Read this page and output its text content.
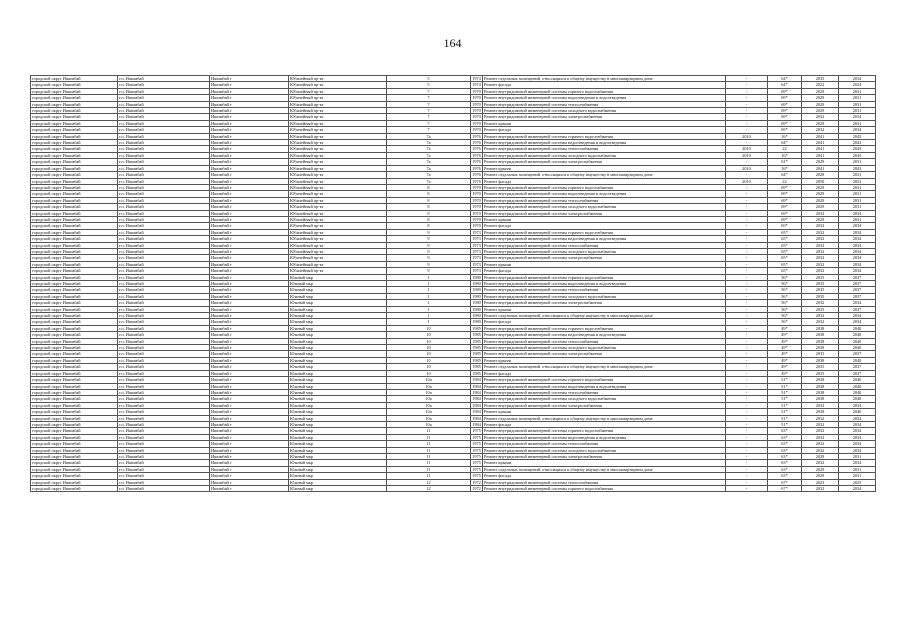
164
городской округ Ишимбай	г.п. Ишимбай	Ишимбай г	Юбилейный пр-кт	5	1974	Ремонт отдельных помещений, относящихся к общему имуществу в многоквартирном доме	-	64*	2035	2034
городской округ Ишимбай	г.п. Ишимбай	Ишимбай г	Юбилейный пр-кт	5	1974	Ремонт фасада	-	64*	2022	2024
городской округ Ишимбай	г.п. Ишимбай	Ишимбай г	Юбилейный пр-кт	7	1970	Ремонт внутридомовой инженерной системы горячего водоснабжения	-	69*	2029	2031
городской округ Ишимбай	г.п. Ишимбай	Ишимбай г	Юбилейный пр-кт	7	1970	Ремонт внутридомовой инженерной системы водоотведения и водоотведения	-	69*	2029	2031
городской округ Ишимбай	г.п. Ишимбай	Ишимбай г	Юбилейный пр-кт	7	1970	Ремонт внутридомовой инженерной системы теплоснабжения	-	69*	2029	2031
городской округ Ишимбай	г.п. Ишимбай	Ишимбай г	Юбилейный пр-кт	7	1970	Ремонт внутридомовой инженерной системы холодного водоснабжения	-	69*	2029	2031
городской округ Ишимбай	г.п. Ишимбай	Ишимбай г	Юбилейный пр-кт	7	1970	Ремонт внутридомовой инженерной системы электроснабжения	-	69*	2032	2034
городской округ Ишимбай	г.п. Ишимбай	Ишимбай г	Юбилейный пр-кт	7	1970	Ремонт крыши	-	69*	2029	2031
городской округ Ишимбай	г.п. Ишимбай	Ишимбай г	Юбилейный пр-кт	7	1970	Ремонт фасада	-	69*	2032	2034
городской округ Ишимбай	г.п. Ишимбай	Ишимбай г	Юбилейный пр-кт	7а	1976	Ремонт внутридомовой инженерной системы горячего водоснабжения	2010	16*	2041	2043
городской округ Ишимбай	г.п. Ишимбай	Ишимбай г	Юбилейный пр-кт	7а	1976	Ремонт внутридомовой инженерной системы водоотведения и водоотведения	-	64*	2041	2043
городской округ Ишимбай	г.п. Ишимбай	Ишимбай г	Юбилейный пр-кт	7а	1976	Ремонт внутридомовой инженерной системы теплоснабжения	2010	22	2041	2043
городской округ Ишимбай	г.п. Ишимбай	Ишимбай г	Юбилейный пр-кт	7а	1976	Ремонт внутридомовой инженерной системы холодного водоснабжения	2010	16*	2041	2043
городской округ Ишимбай	г.п. Ишимбай	Ишимбай г	Юбилейный пр-кт	7а	1976	Ремонт внутридомовой инженерной системы электроснабжения	-	61*	2029	2031
городской округ Ишимбай	г.п. Ишимбай	Ишимбай г	Юбилейный пр-кт	7а	1976	Ремонт крыши	2010	16*	2041	2043
городской округ Ишимбай	г.п. Ишимбай	Ишимбай г	Юбилейный пр-кт	7а	1976	Ремонт отдельных помещений, относящихся к общему имуществу в многоквартирном доме	-	64*	2028	2031
городской округ Ишимбай	г.п. Ишимбай	Ишимбай г	Юбилейный пр-кт	7а	1976	Ремонт фасада	2010	22	2050	2052
городской округ Ишимбай	г.п. Ишимбай	Ишимбай г	Юбилейный пр-кт	8	1970	Ремонт внутридомовой инженерной системы горячего водоснабжения	-	69*	2029	2031
городской округ Ишимбай	г.п. Ишимбай	Ишимбай г	Юбилейный пр-кт	8	1970	Ремонт внутридомовой инженерной системы водоотведения и водоотведения	-	69*	2029	2031
городской округ Ишимбай	г.п. Ишимбай	Ишимбай г	Юбилейный пр-кт	8	1970	Ремонт внутридомовой инженерной системы теплоснабжения	-	69*	2029	2031
городской округ Ишимбай	г.п. Ишимбай	Ишимбай г	Юбилейный пр-кт	8	1970	Ремонт внутридомовой инженерной системы холодного водоснабжения	-	69*	2029	2031
городской округ Ишимбай	г.п. Ишимбай	Ишимбай г	Юбилейный пр-кт	8	1970	Ремонт внутридомовой инженерной системы электроснабжения	-	69*	2032	2034
городской округ Ишимбай	г.п. Ишимбай	Ишимбай г	Юбилейный пр-кт	8	1970	Ремонт крыши	-	69*	2029	2031
городской округ Ишимбай	г.п. Ишимбай	Ишимбай г	Юбилейный пр-кт	8	1970	Ремонт фасада	-	69*	2032	2034
городской округ Ишимбай	г.п. Ишимбай	Ишимбай г	Юбилейный пр-кт	9	1973	Ремонт внутридомовой инженерной системы горячего водоснабжения	-	65*	2032	2034
городской округ Ишимбай	г.п. Ишимбай	Ишимбай г	Юбилейный пр-кт	9	1973	Ремонт внутридомовой инженерной системы водоотведения и водоотведения	-	65*	2032	2034
городской округ Ишимбай	г.п. Ишимбай	Ишимбай г	Юбилейный пр-кт	9	1973	Ремонт внутридомовой инженерной системы теплоснабжения	-	65*	2032	2034
городской округ Ишимбай	г.п. Ишимбай	Ишимбай г	Юбилейный пр-кт	9	1973	Ремонт внутридомовой инженерной системы холодного водоснабжения	-	65*	2032	2034
городской округ Ишимбай	г.п. Ишимбай	Ишимбай г	Юбилейный пр-кт	9	1973	Ремонт внутридомовой инженерной системы электроснабжения	-	65*	2032	2034
городской округ Ишимбай	г.п. Ишимбай	Ишимбай г	Юбилейный пр-кт	9	1973	Ремонт крыши	-	65*	2032	2034
городской округ Ишимбай	г.п. Ишимбай	Ишимбай г	Юбилейный пр-кт	9	1973	Ремонт фасада	-	65*	2032	2034
городской округ Ишимбай	г.п. Ишимбай	Ишимбай г	Южный мкр	1	1980	Ремонт внутридомовой инженерной системы горячего водоснабжения	-	56*	2035	2037
городской округ Ишимбай	г.п. Ишимбай	Ишимбай г	Южный мкр	1	1980	Ремонт внутридомовой инженерной системы водоотведения и водоотведения	-	56*	2035	2037
городской округ Ишимбай	г.п. Ишимбай	Ишимбай г	Южный мкр	1	1980	Ремонт внутридомовой инженерной системы теплоснабжения	-	56*	2035	2037
городской округ Ишимбай	г.п. Ишимбай	Ишимбай г	Южный мкр	1	1980	Ремонт внутридомовой инженерной системы холодного водоснабжения	-	56*	2035	2037
городской округ Ишимбай	г.п. Ишимбай	Ишимбай г	Южный мкр	1	1980	Ремонт внутридомовой инженерной системы электроснабжения	-	56*	2032	2034
городской округ Ишимбай	г.п. Ишимбай	Ишимбай г	Южный мкр	1	1980	Ремонт крыши	-	56*	2035	2037
городской округ Ишимбай	г.п. Ишимбай	Ишимбай г	Южный мкр	1	1980	Ремонт отдельных помещений, относящихся к общему имуществу в многоквартирном доме	-	56*	2032	2034
городской округ Ишимбай	г.п. Ишимбай	Ишимбай г	Южный мкр	1	1980	Ремонт фасада	-	56*	2032	2034
городской округ Ишимбай	г.п. Ишимбай	Ишимбай г	Южный мкр	10	1985	Ремонт внутридомовой инженерной системы горячего водоснабжения	-	49*	2038	2040
городской округ Ишимбай	г.п. Ишимбай	Ишимбай г	Южный мкр	10	1985	Ремонт внутридомовой инженерной системы водоотведения и водоотведения	-	49*	2038	2040
городской округ Ишимбай	г.п. Ишимбай	Ишимбай г	Южный мкр	10	1985	Ремонт внутридомовой инженерной системы теплоснабжения	-	49*	2038	2040
городской округ Ишимбай	г.п. Ишимбай	Ишимбай г	Южный мкр	10	1985	Ремонт внутридомовой инженерной системы холодного водоснабжения	-	49*	2038	2040
городской округ Ишимбай	г.п. Ишимбай	Ишимбай г	Южный мкр	10	1985	Ремонт внутридомовой инженерной системы электроснабжения	-	49*	2035	2037
городской округ Ишимбай	г.п. Ишимбай	Ишимбай г	Южный мкр	10	1985	Ремонт крыши	-	49*	2038	2040
городской округ Ишимбай	г.п. Ишимбай	Ишимбай г	Южный мкр	10	1985	Ремонт отдельных помещений, относящихся к общему имуществу в многоквартирном доме	-	49*	2035	2037
городской округ Ишимбай	г.п. Ишимбай	Ишимбай г	Южный мкр	10	1985	Ремонт фасада	-	49*	2035	2037
городской округ Ишимбай	г.п. Ишимбай	Ишимбай г	Южный мкр	10а	1984	Ремонт внутридомовой инженерной системы горячего водоснабжения	-	51*	2038	2040
городской округ Ишимбай	г.п. Ишимбай	Ишимбай г	Южный мкр	10а	1984	Ремонт внутридомовой инженерной системы водоотведения и водоотведения	-	51*	2038	2040
городской округ Ишимбай	г.п. Ишимбай	Ишимбай г	Южный мкр	10а	1984	Ремонт внутридомовой инженерной системы теплоснабжения	-	51*	2038	2040
городской округ Ишимбай	г.п. Ишимбай	Ишимбай г	Южный мкр	10а	1984	Ремонт внутридомовой инженерной системы холодного водоснабжения	-	51*	2038	2040
городской округ Ишимбай	г.п. Ишимбай	Ишимбай г	Южный мкр	10а	1984	Ремонт внутридомовой инженерной системы электроснабжения	-	51*	2032	2034
городской округ Ишимбай	г.п. Ишимбай	Ишимбай г	Южный мкр	10а	1984	Ремонт крыши	-	51*	2038	2040
городской округ Ишимбай	г.п. Ишимбай	Ишимбай г	Южный мкр	10а	1984	Ремонт отдельных помещений, относящихся к общему имуществу в многоквартирном доме	-	51*	2032	2034
городской округ Ишимбай	г.п. Ишимбай	Ишимбай г	Южный мкр	10а	1984	Ремонт фасада	-	51*	2032	2034
городской округ Ишимбай	г.п. Ишимбай	Ишимбай г	Южный мкр	11	1975	Ремонт внутридомовой инженерной системы горячего водоснабжения	-	63*	2032	2034
городской округ Ишимбай	г.п. Ишимбай	Ишимбай г	Южный мкр	11	1975	Ремонт внутридомовой инженерной системы водоотведения и водоотведения	-	63*	2032	2034
городской округ Ишимбай	г.п. Ишимбай	Ишимбай г	Южный мкр	11	1975	Ремонт внутридомовой инженерной системы теплоснабжения	-	63*	2032	2034
городской округ Ишимбай	г.п. Ишимбай	Ишимбай г	Южный мкр	11	1975	Ремонт внутридомовой инженерной системы холодного водоснабжения	-	63*	2032	2034
городской округ Ишимбай	г.п. Ишимбай	Ишимбай г	Южный мкр	11	1975	Ремонт внутридомовой инженерной системы электроснабжения	-	63*	2029	2031
городской округ Ишимбай	г.п. Ишимбай	Ишимбай г	Южный мкр	11	1975	Ремонт крыши	-	63*	2032	2034
городской округ Ишимбай	г.п. Ишимбай	Ишимбай г	Южный мкр	11	1975	Ремонт отдельных помещений, относящихся к общему имуществу в многоквартирном доме	-	63*	2029	2031
городской округ Ишимбай	г.п. Ишимбай	Ишимбай г	Южный мкр	11	1975	Ремонт фасада	-	63*	2029	2031
городской округ Ишимбай	г.п. Ишимбай	Ишимбай г	Южный мкр	12	1972	Ремонт внутридомовой инженерной системы теплоснабжения	-	67*	2023	2025
городской округ Ишимбай	г.п. Ишимбай	Ишимбай г	Южный мкр	12	1972	Ремонт внутридомовой инженерной системы горячего водоснабжения	-	67*	2032	2034
